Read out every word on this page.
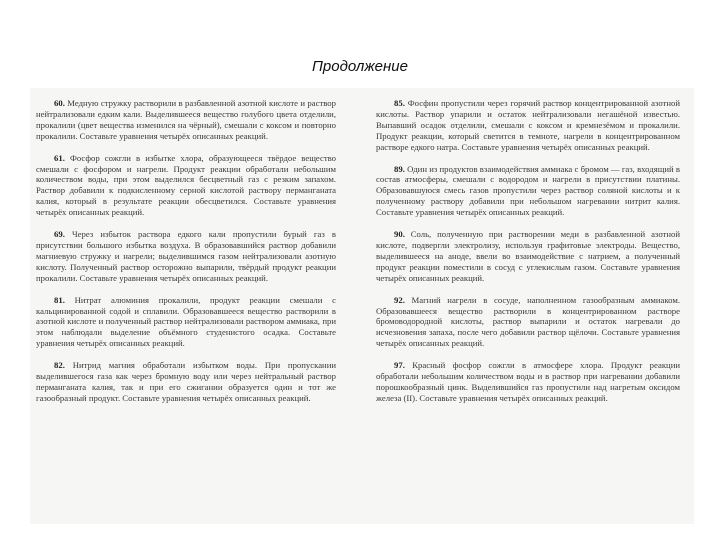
Продолжение

60. Медную стружку растворили в разбавленной азотной кислоте и раствор нейтрализовали едким кали. Выделившееся вещество голубого цвета отделили, прокалили (цвет вещества изменился на чёрный), смешали с коксом и повторно прокалили. Составьте уравнения четырёх описанных реакций.

61. Фосфор сожгли в избытке хлора, образующееся твёрдое вещество смешали с фосфором и нагрели. Продукт реакции обработали небольшим количеством воды, при этом выделился бесцветный газ с резким запахом. Раствор добавили к подкисленному серной кислотой раствору перманганата калия, который в результате реакции обесцветился. Составьте уравнения четырёх описанных реакций.

69. Через избыток раствора едкого кали пропустили бурый газ в присутствии большого избытка воздуха. В образовавшийся раствор добавили магниевую стружку и нагрели; выделившимся газом нейтрализовали азотную кислоту. Полученный раствор осторожно выпарили, твёрдый продукт реакции прокалили. Составьте уравнения четырёх описанных реакций.

81. Нитрат алюминия прокалили, продукт реакции смешали с кальцинированной содой и сплавили. Образовавшееся вещество растворили в азотной кислоте и полученный раствор нейтрализовали раствором аммиака, при этом наблюдали выделение объёмного студенистого осадка. Составьте уравнения четырёх описанных реакций.

82. Нитрид магния обработали избытком воды. При пропускании выделившегося газа как через бромную воду или через нейтральный раствор перманганата калия, так и при его сжигании образуется один и тот же газообразный продукт. Составьте уравнения четырёх описанных реакций.

85. Фосфин пропустили через горячий раствор концентрированной азотной кислоты. Раствор упарили и остаток нейтрализовали негашёной известью. Выпавший осадок отделили, смешали с коксом и кремнезёмом и прокалили. Продукт реакции, который светится в темноте, нагрели в концентрированном растворе едкого натра. Составьте уравнения четырёх описанных реакций.

89. Один из продуктов взаимодействия аммиака с бромом — газ, входящий в состав атмосферы, смешали с водородом и нагрели в присутствии платины. Образовавшуюся смесь газов пропустили через раствор соляной кислоты и к полученному раствору добавили при небольшом нагревании нитрит калия. Составьте уравнения четырёх описанных реакций.

90. Соль, полученную при растворении меди в разбавленной азотной кислоте, подвергли электролизу, используя графитовые электроды. Вещество, выделившееся на аноде, ввели во взаимодействие с натрием, а полученный продукт реакции поместили в сосуд с углекислым газом. Составьте уравнения четырёх описанных реакций.

92. Магний нагрели в сосуде, наполненном газообразным аммиаком. Образовавшееся вещество растворили в концентрированном растворе бромоводородной кислоты, раствор выпарили и остаток нагревали до исчезновения запаха, после чего добавили раствор щёлочи. Составьте уравнения четырёх описанных реакций.

97. Красный фосфор сожгли в атмосфере хлора. Продукт реакции обработали небольшим количеством воды и в раствор при нагревании добавили порошкообразный цинк. Выделившийся газ пропустили над нагретым оксидом железа (II). Составьте уравнения четырёх описанных реакций.
